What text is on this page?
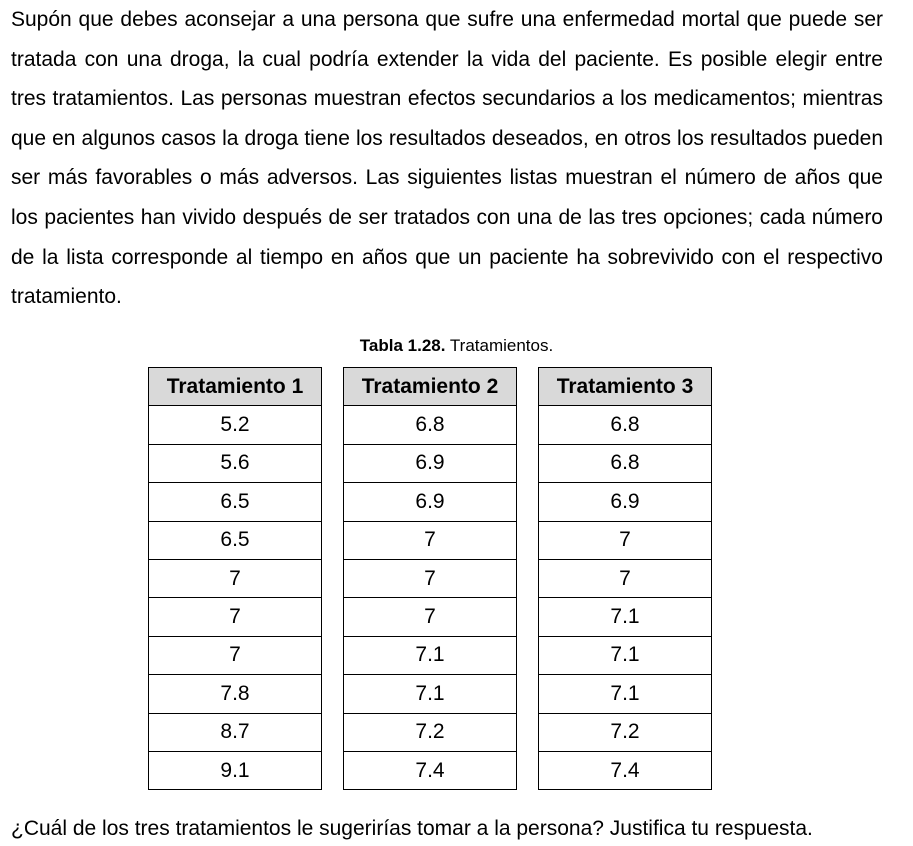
Supón que debes aconsejar a una persona que sufre una enfermedad mortal que puede ser tratada con una droga, la cual podría extender la vida del paciente. Es posible elegir entre tres tratamientos. Las personas muestran efectos secundarios a los medicamentos; mientras que en algunos casos la droga tiene los resultados deseados, en otros los resultados pueden ser más favorables o más adversos. Las siguientes listas muestran el número de años que los pacientes han vivido después de ser tratados con una de las tres opciones; cada número de la lista corresponde al tiempo en años que un paciente ha sobrevivido con el respectivo tratamiento.

Tabla 1.28. Tratamientos.
Tratamiento 1
5.2
5.6
6.5
6.5
7
7
7
7.8
8.7
9.1
Tratamiento 2
6.8
6.9
6.9
7
7
7
7.1
7.1
7.2
7.4
Tratamiento 3
6.8
6.8
6.9
7
7
7.1
7.1
7.1
7.2
7.4

¿Cuál de los tres tratamientos le sugerirías tomar a la persona? Justifica tu respuesta.
